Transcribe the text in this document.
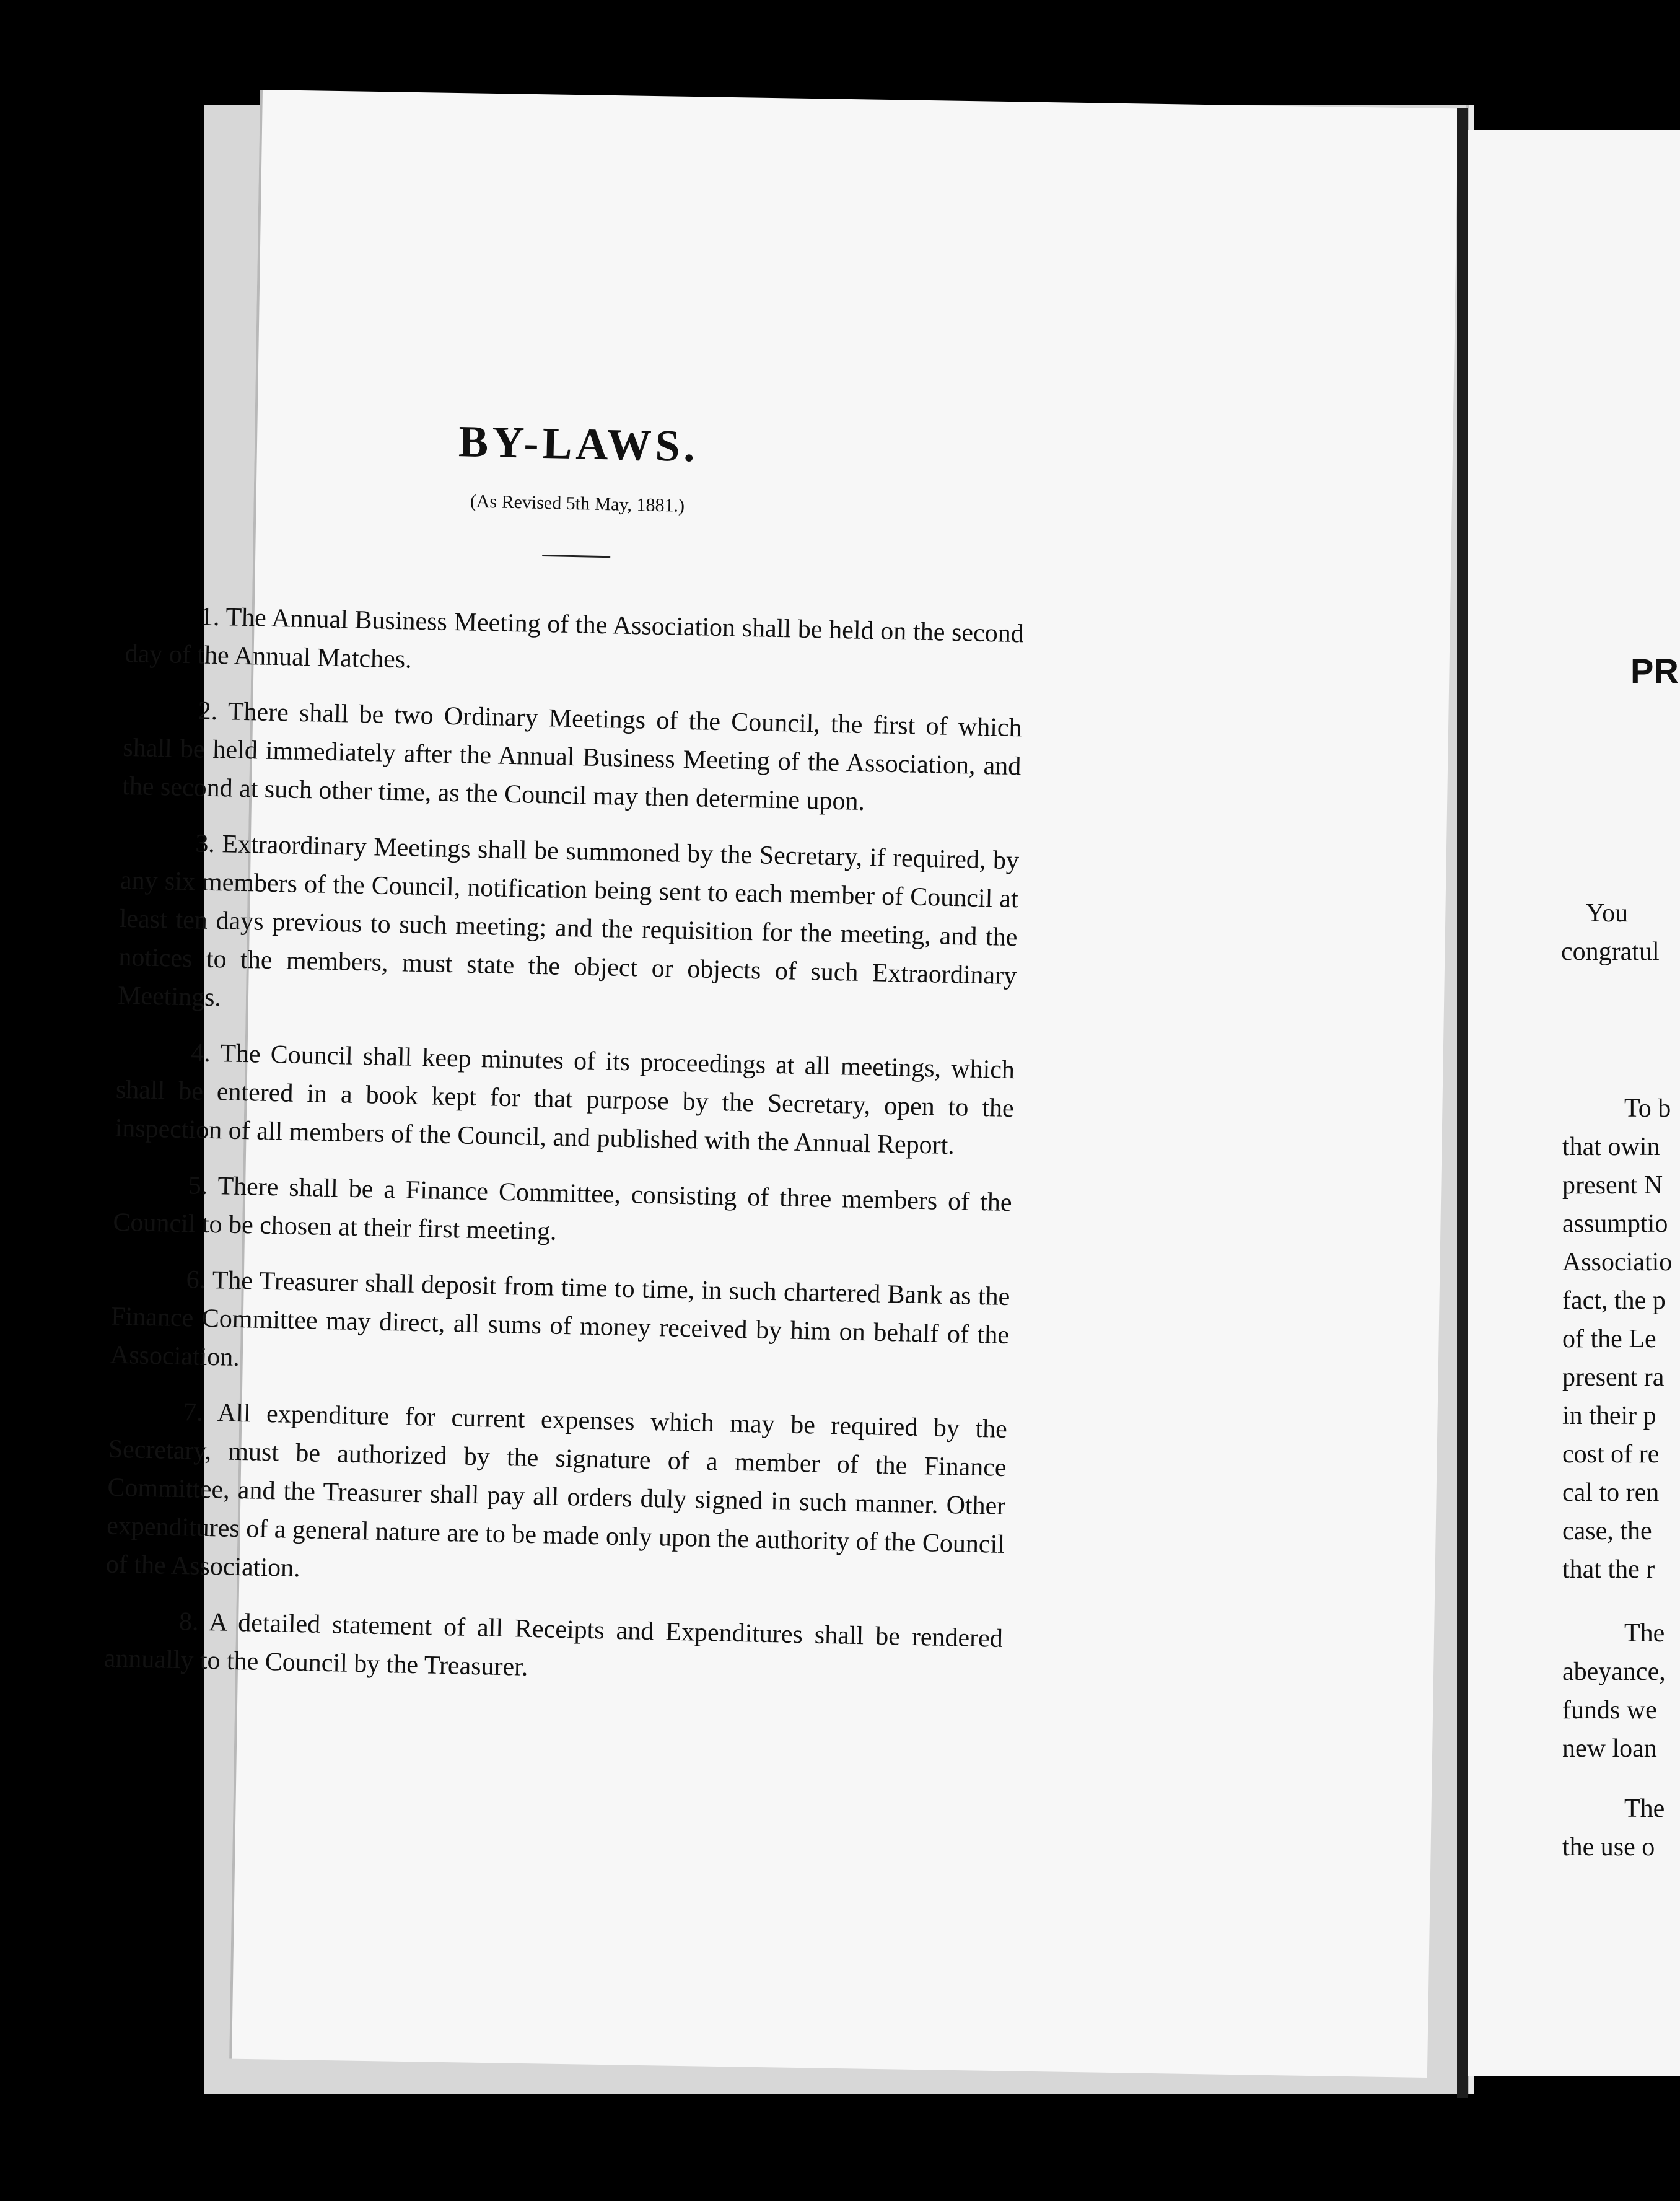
BY-LAWS.
(As Revised 5th May, 1881.)

1. The Annual Business Meeting of the Association shall be held on the second day of the Annual Matches.

2. There shall be two Ordinary Meetings of the Council, the first of which shall be held immediately after the Annual Business Meeting of the Association, and the second at such other time, as the Council may then determine upon.

3. Extraordinary Meetings shall be summoned by the Secretary, if required, by any six members of the Council, notification being sent to each member of Council at least ten days previous to such meeting; and the requisition for the meeting, and the notices to the members, must state the object or objects of such Extraordinary Meetings.

4. The Council shall keep minutes of its proceedings at all meetings, which shall be entered in a book kept for that purpose by the Secretary, open to the inspection of all members of the Council, and published with the Annual Report.

5. There shall be a Finance Committee, consisting of three members of the Council to be chosen at their first meeting.

6. The Treasurer shall deposit from time to time, in such chartered Bank as the Finance Committee may direct, all sums of money received by him on behalf of the Association.

7. All expenditure for current expenses which may be required by the Secretary, must be authorized by the signature of a member of the Finance Committee, and the Treasurer shall pay all orders duly signed in such manner. Other expenditures of a general nature are to be made only upon the authority of the Council of the Association.

8. A detailed statement of all Receipts and Expenditures shall be rendered annually to the Council by the Treasurer.

PR
You
congratul
To b
that owin
present N
assumptio
Associatio
fact, the p
of the Le
present ra
in their p
cost of re
cal to ren
case, the
that the r
The
abeyance,
funds we
new loan
The
the use o
